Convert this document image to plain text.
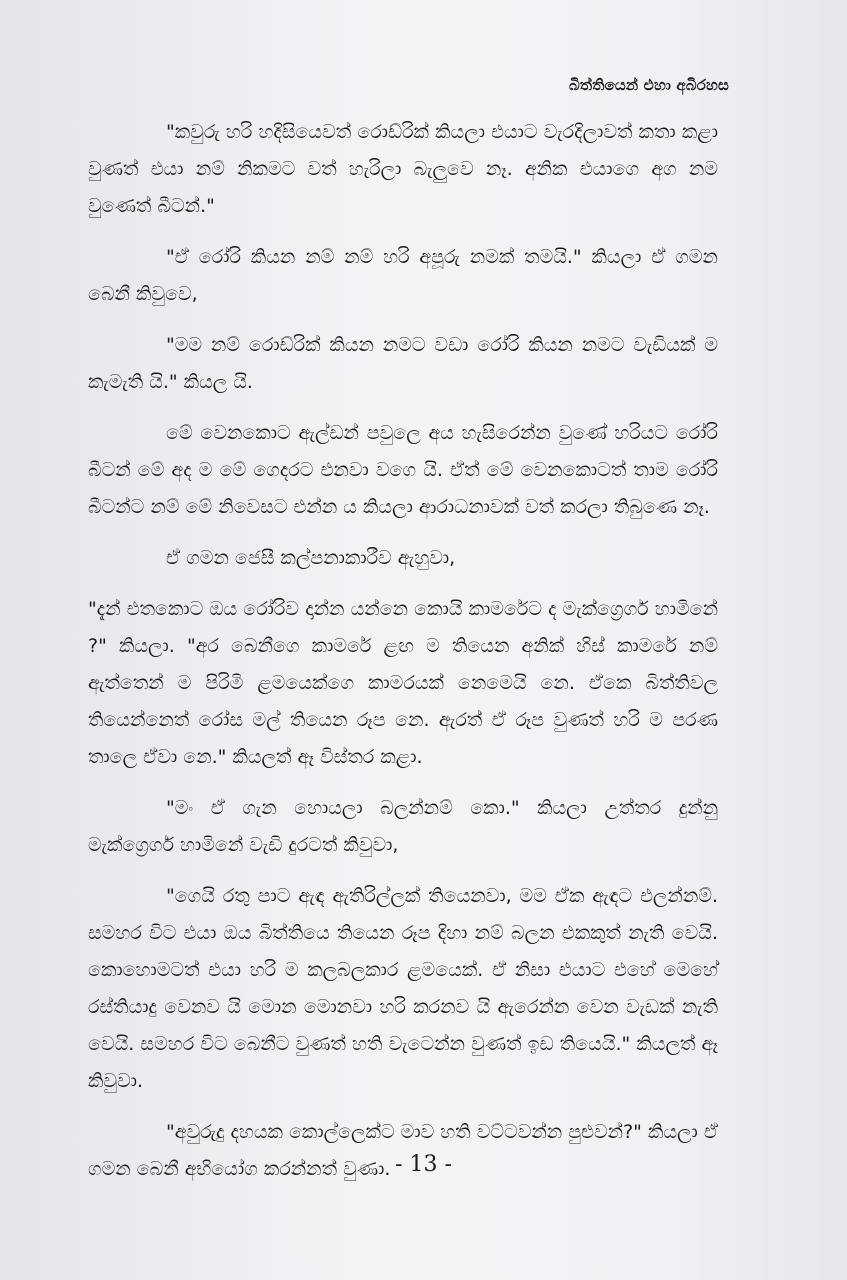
බිත්තියෙන් එහා අබිරහස

"කවුරු හරි හදිසියෙවත් රොඩ්රික් කියලා එයාට වැරදිලාවත් කතා කළා වුණත් එයා නම් නිකමට වත් හැරිලා බැලුවෙ නෑ. අනික එයාගෙ අග නම වුණෙත් බීටන්."

"ඒ රෝරි කියන නම් නම් හරි අපූරු නමක් තමයි." කියලා ඒ ගමන බෙනී කිවුවෙ,

"මම නම් රොඩ්රික් කියන නමට වඩා රෝරි කියන නමට වැඩියක් ම කැමැති යි." කියල යි.

මේ වෙනකොට ඇල්ඩන් පවුලෙ අය හැසිරෙන්න වුණේ හරියට රෝරි බීටන් මේ අද ම මේ ගෙදරට එනවා වගෙ යි. ඒත් මේ වෙනකොටත් තාම රෝරි බීටන්ට නම් මේ නිවෙසට එන්න ය කියලා ආරාධනාවක් වත් කරලා තිබුණෙ නෑ.

ඒ ගමන ජෙසී කල්පනාකාරීව ඇහුවා,

"දැන් එතකොට ඔය රෝරිව දාන්න යන්නෙ කොයි කාමරේට ද මැක්ග්‍රෙගර් හාමිනේ ?" කියලා. "අර බෙනීගෙ කාමරේ ළඟ ම තියෙන අනික් හිස් කාමරේ නම් ඇත්තෙන් ම පිරිමි ළමයෙක්ගෙ කාමරයක් නෙමෙයි නෙ. ඒකෙ බිත්තිවල තියෙන්නෙත් රෝස මල් තියෙන රූප නෙ. ඇරත් ඒ රූප වුණත් හරි ම පරණ තාලෙ ඒවා නෙ." කියලත් ඈ විස්තර කළා.

"මං ඒ ගැන හොයලා බලන්නම් කො." කියලා උත්තර දුන්නු මැක්ග්‍රෙගර් හාමිනේ වැඩි දුරටත් කිවුවා,

"ගෙයි රතු පාට ඇඳ ඇතිරිල්ලක් තියෙනවා, මම ඒක ඇඳට එලන්නම්. සමහර විට එයා ඔය බිත්තියෙ තියෙන රූප දිහා නම් බලන එකකුත් නැති වෙයි. කොහොමටත් එයා හරි ම කලබලකාර ළමයෙක්. ඒ නිසා එයාට එහේ මෙහේ රස්තියාදු වෙනව යි මොන මොනවා හරි කරනව යි ඇරෙන්න වෙන වැඩක් නැති වෙයි. සමහර විට බෙනීට වුණත් හති වැටෙන්න වුණත් ඉඩ තියෙයි." කියලත් ඈ කිවුවා.

"අවුරුදු දහයක කොල්ලෙක්ට මාව හති වට්ටවන්න පුළුවන්?" කියලා ඒ ගමන බෙනී අභියෝග කරන්නත් වුණා. - 13 -
